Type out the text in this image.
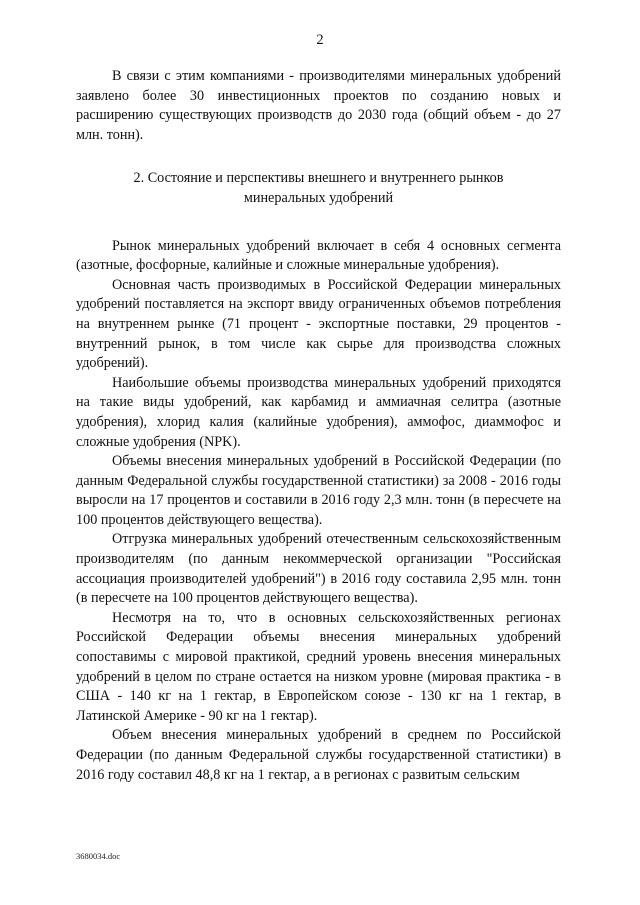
2

В связи с этим компаниями - производителями минеральных удобрений заявлено более 30 инвестиционных проектов по созданию новых и расширению существующих производств до 2030 года (общий объем - до 27 млн. тонн).

2. Состояние и перспективы внешнего и внутреннего рынков
минеральных удобрений

Рынок минеральных удобрений включает в себя 4 основных сегмента (азотные, фосфорные, калийные и сложные минеральные удобрения).

Основная часть производимых в Российской Федерации минеральных удобрений поставляется на экспорт ввиду ограниченных объемов потребления на внутреннем рынке (71 процент - экспортные поставки, 29 процентов - внутренний рынок, в том числе как сырье для производства сложных удобрений).

Наибольшие объемы производства минеральных удобрений приходятся на такие виды удобрений, как карбамид и аммиачная селитра (азотные удобрения), хлорид калия (калийные удобрения), аммофос, диаммофос и сложные удобрения (NPK).

Объемы внесения минеральных удобрений в Российской Федерации (по данным Федеральной службы государственной статистики) за 2008 - 2016 годы выросли на 17 процентов и составили в 2016 году 2,3 млн. тонн (в пересчете на 100 процентов действующего вещества).

Отгрузка минеральных удобрений отечественным сельскохозяйственным производителям (по данным некоммерческой организации "Российская ассоциация производителей удобрений") в 2016 году составила 2,95 млн. тонн (в пересчете на 100 процентов действующего вещества).

Несмотря на то, что в основных сельскохозяйственных регионах Российской Федерации объемы внесения минеральных удобрений сопоставимы с мировой практикой, средний уровень внесения минеральных удобрений в целом по стране остается на низком уровне (мировая практика - в США - 140 кг на 1 гектар, в Европейском союзе - 130 кг на 1 гектар, в Латинской Америке - 90 кг на 1 гектар).

Объем внесения минеральных удобрений в среднем по Российской Федерации (по данным Федеральной службы государственной статистики) в 2016 году составил 48,8 кг на 1 гектар, а в регионах с развитым сельским

3680034.doc
